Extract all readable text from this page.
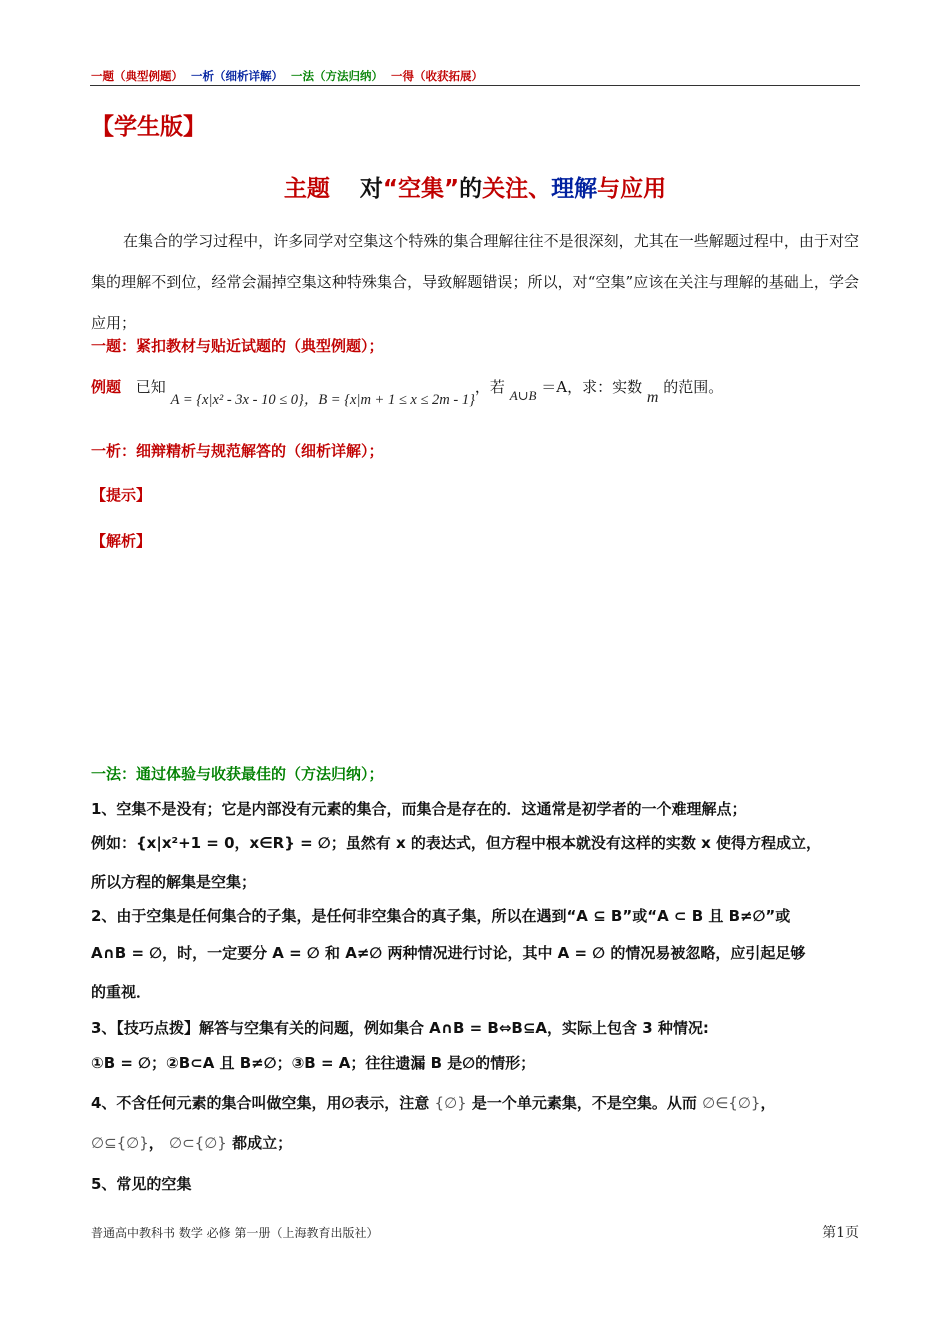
一题（典型例题） 一析（细析详解） 一法（方法归纳） 一得（收获拓展）
【学生版】
主题 对“空集”的关注、理解与应用
在集合的学习过程中，许多同学对空集这个特殊的集合理解往往不是很深刻，尤其在一些解题过程中，由于对空集的理解不到位，经常会漏掉空集这种特殊集合，导致解题错误；所以，对“空集”应该在关注与理解的基础上，学会应用；
一题：紧扣教材与贴近试题的（典型例题）；
例题 已知 A = {x|x² - 3x - 10 ≤ 0}，B = {x|m + 1 ≤ x ≤ 2m - 1}，若 A∪B ＝A，求：实数 m 的范围。
一析：细辩精析与规范解答的（细析详解）；
【提示】
【解析】
一法：通过体验与收获最佳的（方法归纳）；
1、空集不是没有；它是内部没有元素的集合，而集合是存在的．这通常是初学者的一个难理解点；
例如：{x|x²+1 = 0，x∈R} = ∅；虽然有 x 的表达式，但方程中根本就没有这样的实数 x 使得方程成立，
所以方程的解集是空集；
2、由于空集是任何集合的子集，是任何非空集合的真子集，所以在遇到“A ⊆ B”或“A ⊂ B 且 B≠∅”或
A∩B = ∅，时，一定要分 A = ∅ 和 A≠∅ 两种情况进行讨论，其中 A = ∅ 的情况易被忽略，应引起足够
的重视．
3、【技巧点拨】解答与空集有关的问题，例如集合 A∩B = B⇔B⊆A，实际上包含 3 种情况:
①B = ∅；②B⊂A 且 B≠∅；③B = A；往往遗漏 B 是∅的情形；
4、不含任何元素的集合叫做空集，用∅表示，注意 {∅} 是一个单元素集，不是空集。从而 ∅∈{∅}，
∅⊆{∅}， ∅⊂{∅} 都成立；
5、常见的空集
普通高中教科书 数学 必修 第一册（上海教育出版社）	第1页
